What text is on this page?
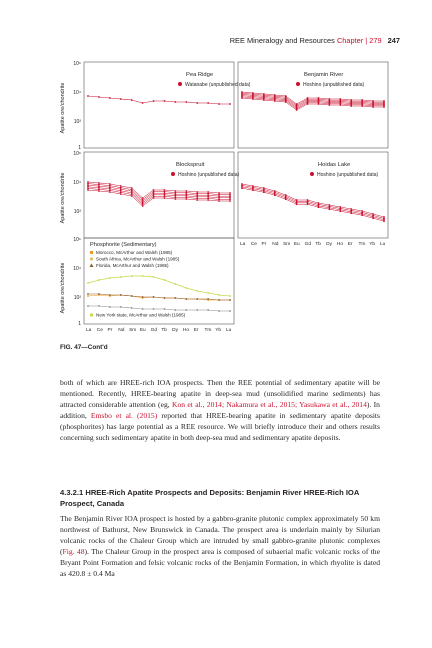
REE Mineralogy and Resources Chapter | 279 247
Apatite ore/chondrite
Apatite ore/chondrite
Apatite ore/chondrite
10⁶
10⁴
10²
1
10⁶
10⁴
10²
10⁶
10⁴
10²
1
Pea Ridge	Benjamin River
Blockspruit	Hoidas Lake
Phosphorite (Sedimentary)
Watanabe (unpublished data)	Hoshino (unpublished data)
Hoshino (unpublished data)	Hoshino (unpublished data)
Morocco, McArthur and Walsh (1985)
South Africa, McArthur and Walsh (1985)
Florida, McArthur and Walsh (1985)
New York state, McArthur and Walsh (1985)
La Ce Pr Nd Sm Eu Gd Tb Dy Ho Er Tm Yb Lu
La Ce Pr Nd Sm Eu Gd Tb Dy Ho Er Tm Yb Lu
FIG. 47—Cont'd
both of which are HREE-rich IOA prospects. Then the REE potential of sedimentary apatite will be mentioned. Recently, HREE-bearing apatite in deep-sea mud (unsolidified marine sediments) has attracted considerable attention (eg, Kon et al., 2014; Nakamura et al., 2015; Yasukawa et al., 2014). In addition, Emsbo et al. (2015) reported that HREE-bearing apatite in sedimentary apatite deposits (phosphorites) has large potential as a REE resource. We will briefly introduce their and others results concerning such sedimentary apatite in both deep-sea mud and sedimentary apatite deposits.
4.3.2.1 HREE-Rich Apatite Prospects and Deposits: Benjamin River HREE-Rich IOA Prospect, Canada
The Benjamin River IOA prospect is hosted by a gabbro-granite plutonic complex approximately 50 km northwest of Bathurst, New Brunswick in Canada. The prospect area is underlain mainly by Silurian volcanic rocks of the Chaleur Group which are intruded by small gabbro-granite plutonic complexes (Fig. 48). The Chaleur Group in the prospect area is composed of subaerial mafic volcanic rocks of the Bryant Point Formation and felsic volcanic rocks of the Benjamin Formation, in which rhyolite is dated as 420.8 ± 0.4 Ma
